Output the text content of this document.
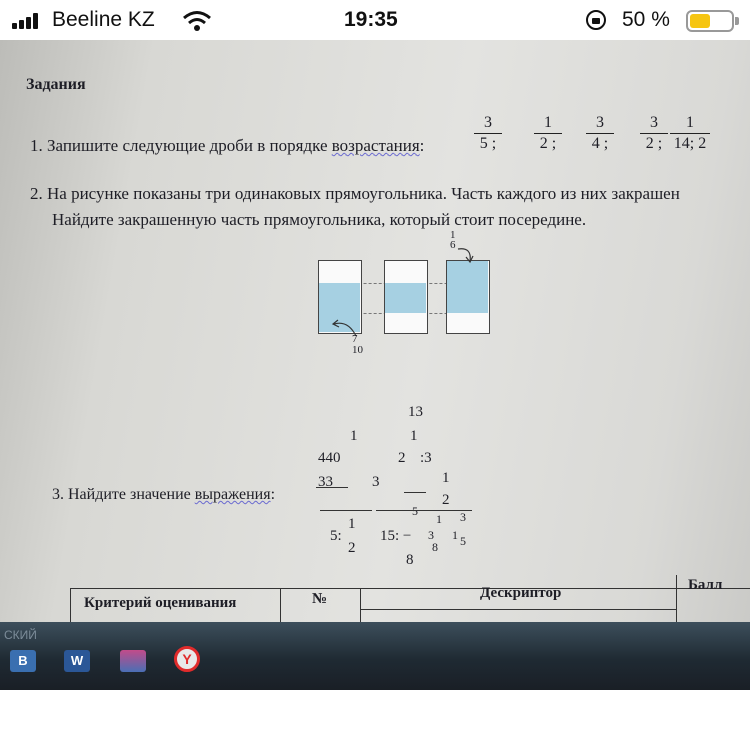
Beeline KZ	19:35	50 %
Задания
1. Запишите следующие дроби в порядке возрастания:
3
5 ;
1
2 ;
3
4 ;
3
2 ;
1
14; 2
2. На рисунке показаны три одинаковых прямоугольника. Часть каждого из них закрашен
Найдите закрашенную часть прямоугольника, который стоит посередине.
1
6
7
10
13
1	1
440	2 :3
33	3	1
2
1
5
1 3
5:
2
15: − 3 1
8 5
8
3. Найдите значение выражения:
Критерий оценивания	№	Дескриптор	Балл
СКИЙ
В	W	Y
